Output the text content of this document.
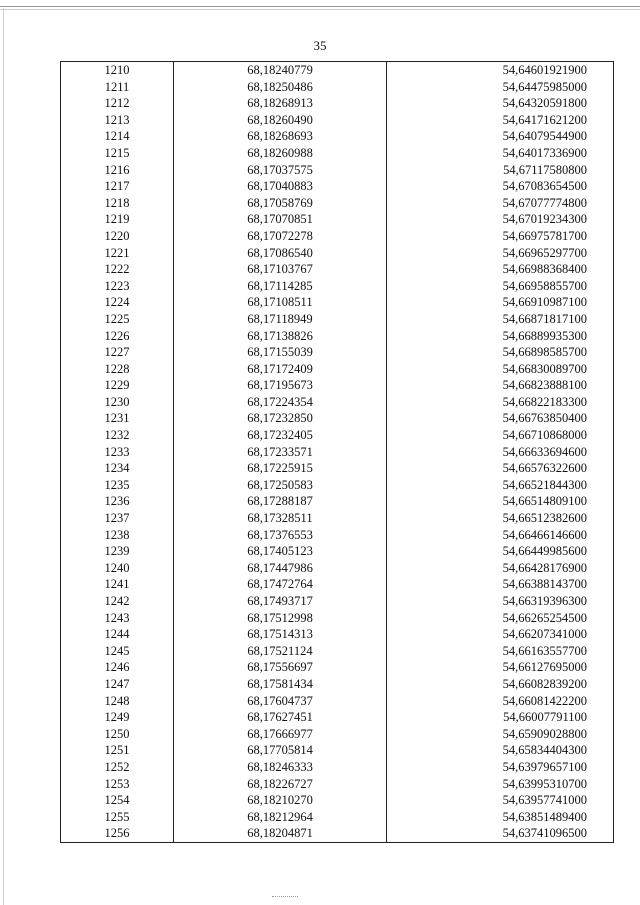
35
1210	68,18240779	54,64601921900
1211	68,18250486	54,64475985000
1212	68,18268913	54,64320591800
1213	68,18260490	54,64171621200
1214	68,18268693	54,64079544900
1215	68,18260988	54,64017336900
1216	68,17037575	54,67117580800
1217	68,17040883	54,67083654500
1218	68,17058769	54,67077774800
1219	68,17070851	54,67019234300
1220	68,17072278	54,66975781700
1221	68,17086540	54,66965297700
1222	68,17103767	54,66988368400
1223	68,17114285	54,66958855700
1224	68,17108511	54,66910987100
1225	68,17118949	54,66871817100
1226	68,17138826	54,66889935300
1227	68,17155039	54,66898585700
1228	68,17172409	54,66830089700
1229	68,17195673	54,66823888100
1230	68,17224354	54,66822183300
1231	68,17232850	54,66763850400
1232	68,17232405	54,66710868000
1233	68,17233571	54,66633694600
1234	68,17225915	54,66576322600
1235	68,17250583	54,66521844300
1236	68,17288187	54,66514809100
1237	68,17328511	54,66512382600
1238	68,17376553	54,66466146600
1239	68,17405123	54,66449985600
1240	68,17447986	54,66428176900
1241	68,17472764	54,66388143700
1242	68,17493717	54,66319396300
1243	68,17512998	54,66265254500
1244	68,17514313	54,66207341000
1245	68,17521124	54,66163557700
1246	68,17556697	54,66127695000
1247	68,17581434	54,66082839200
1248	68,17604737	54,66081422200
1249	68,17627451	54,66007791100
1250	68,17666977	54,65909028800
1251	68,17705814	54,65834404300
1252	68,18246333	54,63979657100
1253	68,18226727	54,63995310700
1254	68,18210270	54,63957741000
1255	68,18212964	54,63851489400
1256	68,18204871	54,63741096500
